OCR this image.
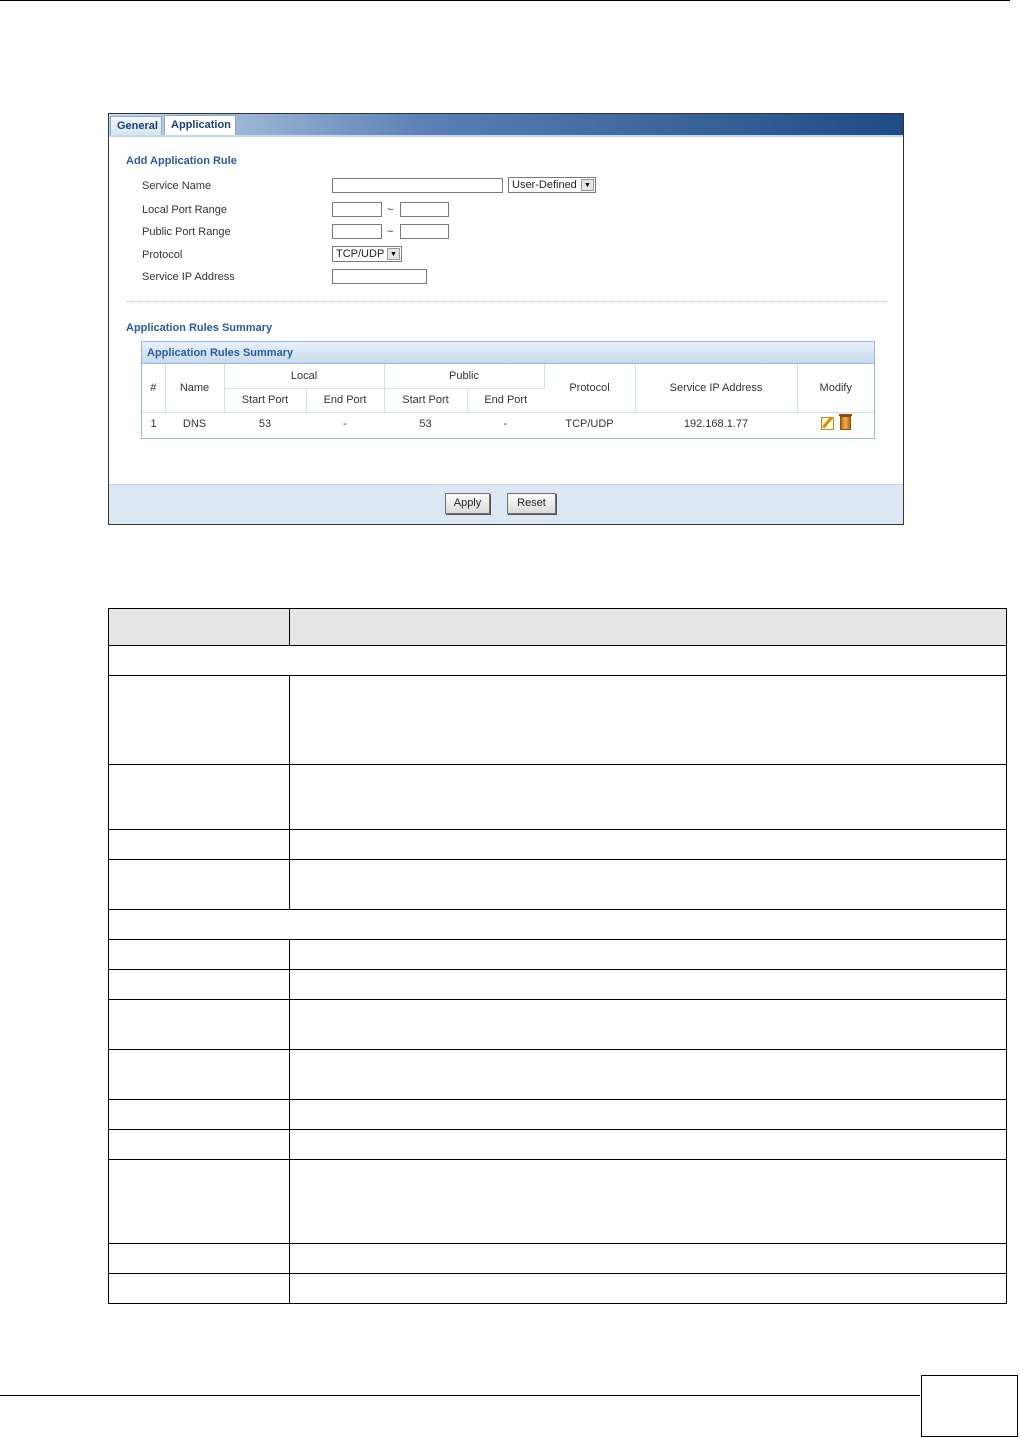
General	Application
Add Application Rule
Service Name	User-Defined	▼
Local Port Range	~
Public Port Range	~
Protocol	TCP/UDP ▼
Service IP Address
Application Rules Summary
Application Rules Summary
#	Name	Local		Public		Protocol	Service IP Address	Modify
		Start Port	End Port	Start Port	End Port			
1	DNS	53	-	53	-	TCP/UDP	192.168.1.77	
Apply	Reset
